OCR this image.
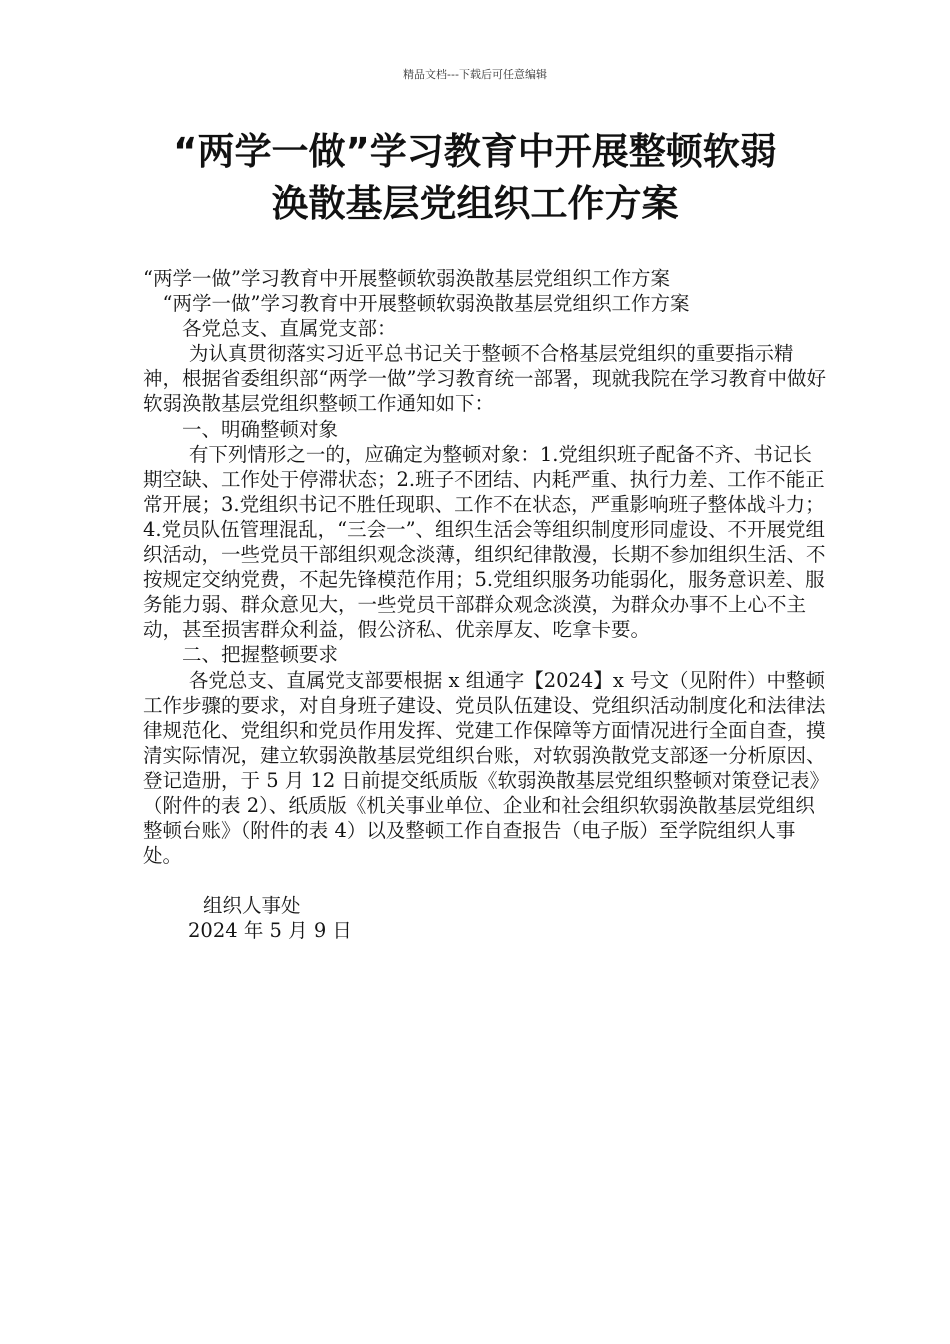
精品文档---下载后可任意编辑
“两学一做”学习教育中开展整顿软弱
涣散基层党组织工作方案

“两学一做”学习教育中开展整顿软弱涣散基层党组织工作方案

“两学一做”学习教育中开展整顿软弱涣散基层党组织工作方案

各党总支、直属党支部：

为认真贯彻落实习近平总书记关于整顿不合格基层党组织的重要指示精神，根据省委组织部“两学一做”学习教育统一部署，现就我院在学习教育中做好软弱涣散基层党组织整顿工作通知如下：

一、明确整顿对象

有下列情形之一的，应确定为整顿对象：1.党组织班子配备不齐、书记长期空缺、工作处于停滞状态；2.班子不团结、内耗严重、执行力差、工作不能正常开展；3.党组织书记不胜任现职、工作不在状态，严重影响班子整体战斗力；4.党员队伍管理混乱，“三会一”、组织生活会等组织制度形同虚设、不开展党组织活动，一些党员干部组织观念淡薄，组织纪律散漫，长期不参加组织生活、不按规定交纳党费，不起先锋模范作用；5.党组织服务功能弱化，服务意识差、服务能力弱、群众意见大，一些党员干部群众观念淡漠，为群众办事不上心不主动，甚至损害群众利益，假公济私、优亲厚友、吃拿卡要。

二、把握整顿要求

各党总支、直属党支部要根据 x 组通字【2024】x 号文（见附件）中整顿工作步骤的要求，对自身班子建设、党员队伍建设、党组织活动制度化和法律法律规范化、党组织和党员作用发挥、党建工作保障等方面情况进行全面自查，摸清实际情况，建立软弱涣散基层党组织台账，对软弱涣散党支部逐一分析原因、登记造册，于 5 月 12 日前提交纸质版《软弱涣散基层党组织整顿对策登记表》（附件的表 2）、纸质版《机关事业单位、企业和社会组织软弱涣散基层党组织整顿台账》（附件的表 4）以及整顿工作自查报告（电子版）至学院组织人事处。

组织人事处

2024 年 5 月 9 日
